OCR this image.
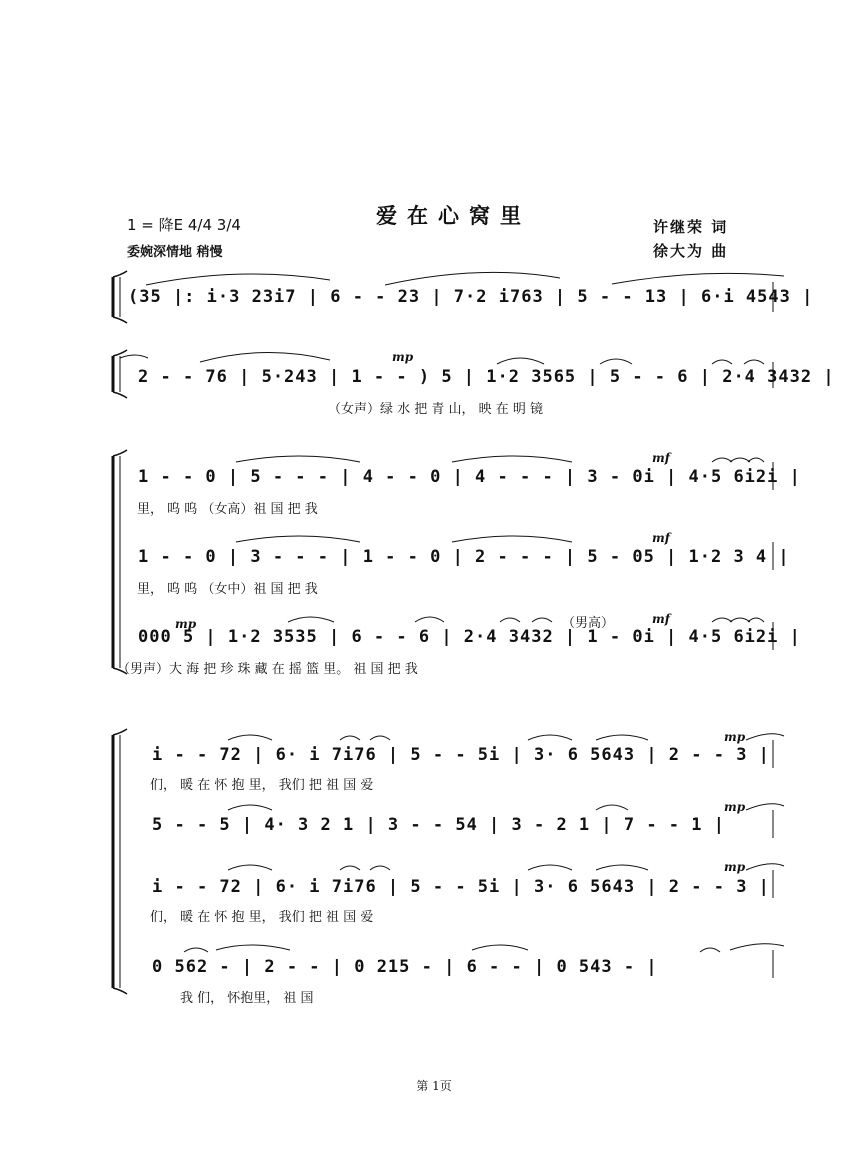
爱在心窝里
1 = 降E 4/4 3/4
委婉深情地 稍慢
许继荣 词
徐大为 曲
(35 |: i·3 23i7 | 6 - - 23 | 7·2 i763 | 5 - - 13 | 6·i 4543 |
mp
2 - - 76 | 5·243 | 1 - - ) 5 | 1·2 3565 | 5 - - 6 | 2·4 3432 |
（女声）绿 水 把 青 山， 映 在 明 镜
mf
1 - - 0 | 5 - - - | 4 - - 0 | 4 - - - | 3 - 0i | 4·5 6i2i |
里， 呜 呜 （女高）祖 国 把 我
mf
1 - - 0 | 3 - - - | 1 - - 0 | 2 - - - | 5 - 05 | 1·2 3 4 |
里， 呜 呜 （女中）祖 国 把 我
mp	（男高）	mf
000 5 | 1·2 3535 | 6 - - 6 | 2·4 3432 | 1 - 0i | 4·5 6i2i |
（男声）大 海 把 珍 珠 藏 在 摇 篮 里。 祖 国 把 我
mp
i - - 72 | 6· i 7i76 | 5 - - 5i | 3· 6 5643 | 2 - - 3 |
们， 暖 在 怀 抱 里， 我们 把 祖 国 爱
mp
5 - - 5 | 4· 3 2 1 | 3 - - 54 | 3 - 2 1 | 7 - - 1 |
mp
i - - 72 | 6· i 7i76 | 5 - - 5i | 3· 6 5643 | 2 - - 3 |
们， 暖 在 怀 抱 里， 我们 把 祖 国 爱
0 562 - | 2 - - | 0 215 - | 6 - - | 0 543 - |
我 们， 怀抱里， 祖 国
第 1页
